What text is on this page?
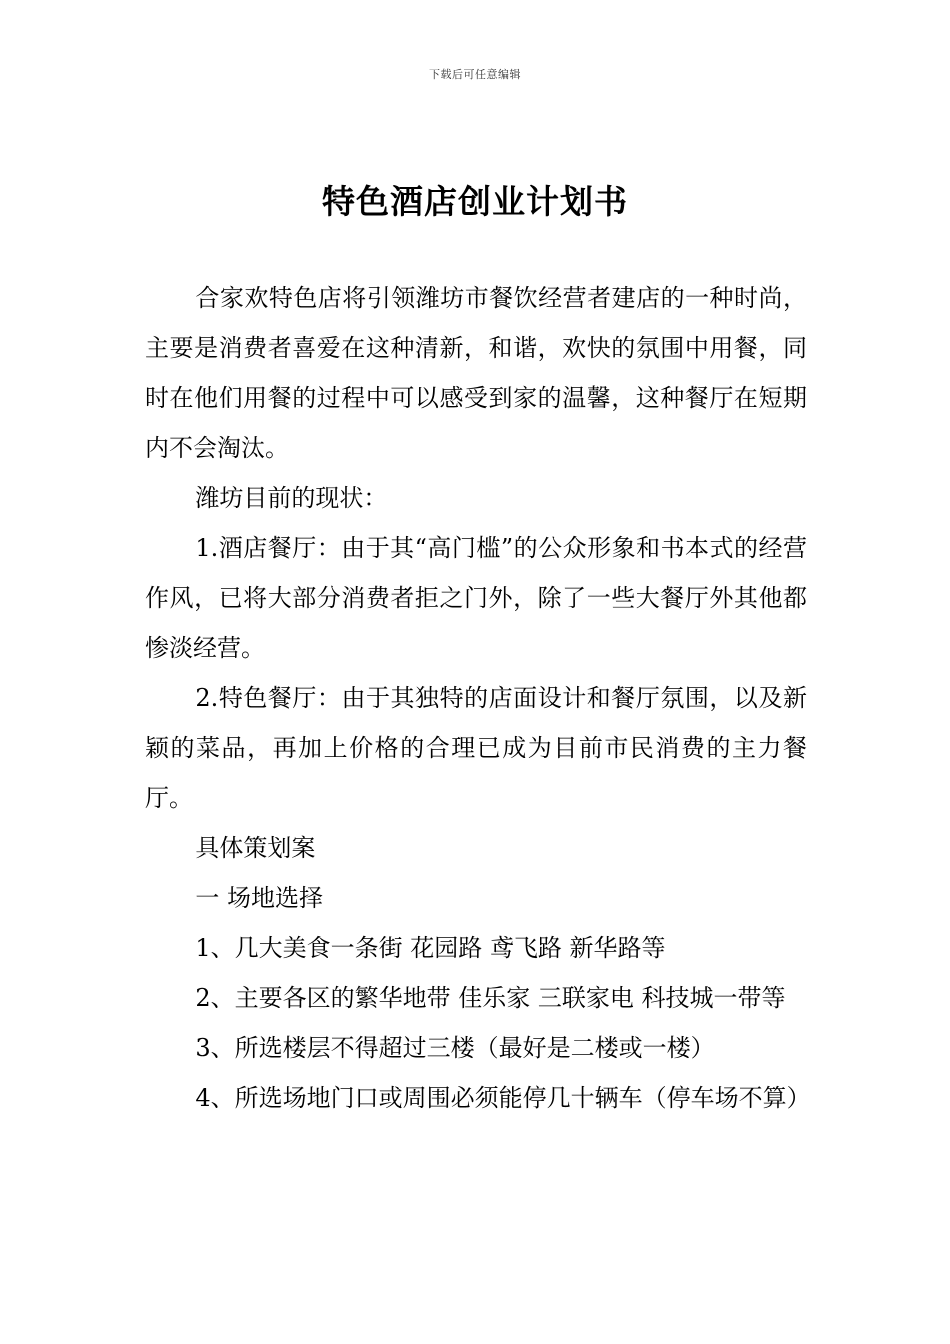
下载后可任意编辑
特色酒店创业计划书

合家欢特色店将引领潍坊市餐饮经营者建店的一种时尚，主要是消费者喜爱在这种清新，和谐，欢快的氛围中用餐，同时在他们用餐的过程中可以感受到家的温馨，这种餐厅在短期内不会淘汰。

潍坊目前的现状：

1.酒店餐厅：由于其“高门槛”的公众形象和书本式的经营作风，已将大部分消费者拒之门外，除了一些大餐厅外其他都惨淡经营。

2.特色餐厅：由于其独特的店面设计和餐厅氛围，以及新颖的菜品，再加上价格的合理已成为目前市民消费的主力餐厅。

具体策划案

一 场地选择

1、几大美食一条街 花园路 鸢飞路 新华路等

2、主要各区的繁华地带 佳乐家 三联家电 科技城一带等

3、所选楼层不得超过三楼（最好是二楼或一楼）

4、所选场地门口或周围必须能停几十辆车（停车场不算）
